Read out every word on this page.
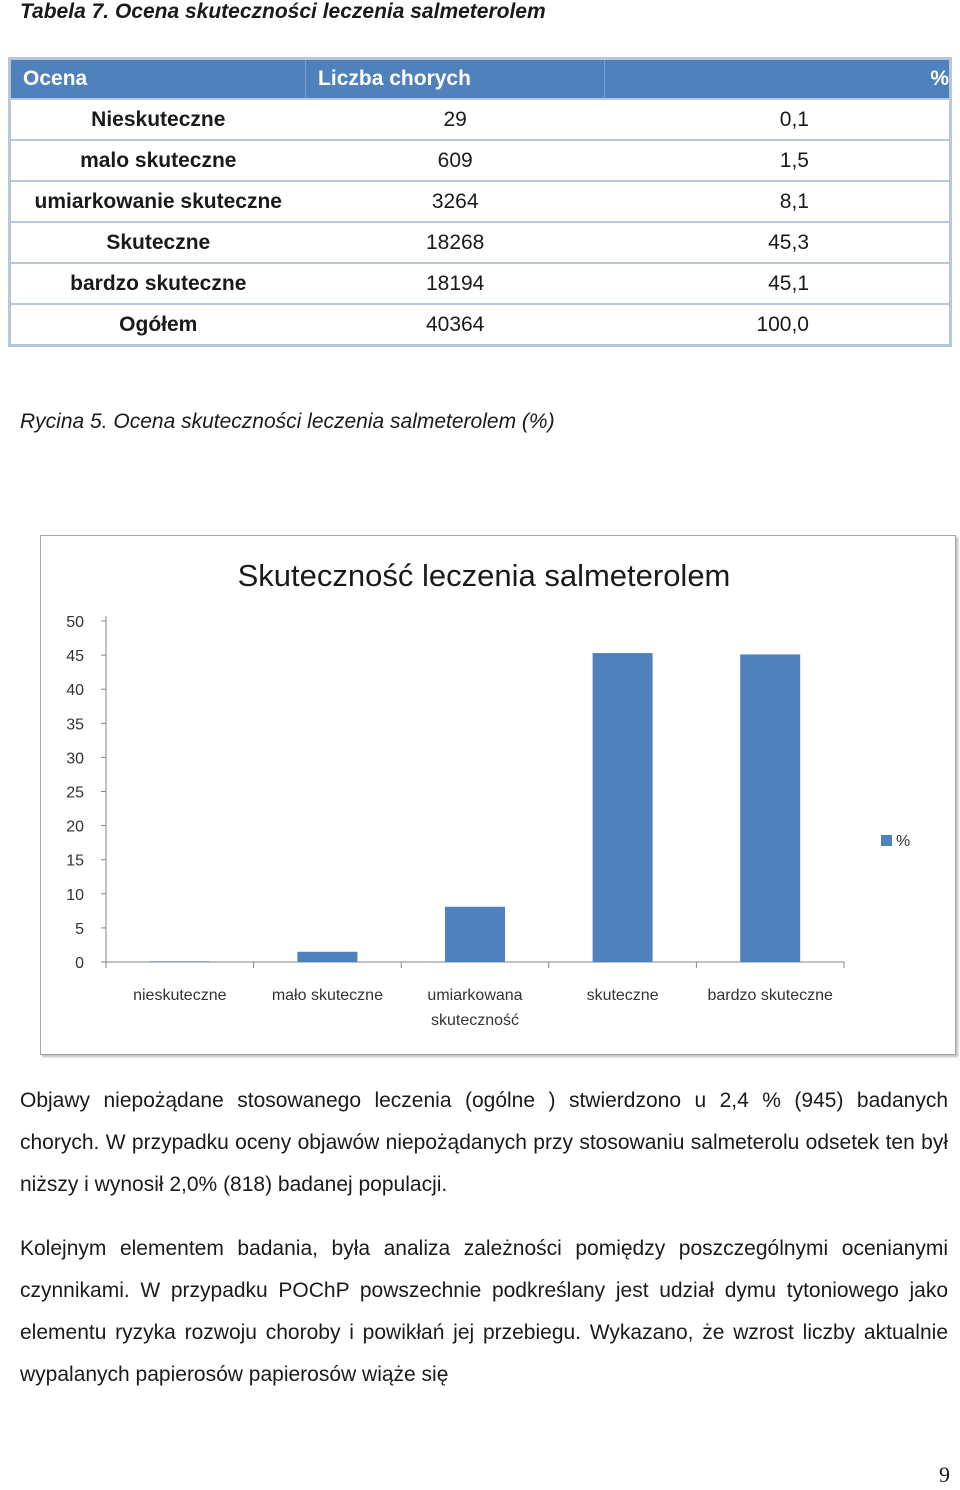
Tabela 7. Ocena skuteczności leczenia salmeterolem
Ocena	Liczba chorych	%
Nieskuteczne	29	0,1
malo skuteczne	609	1,5
umiarkowanie skuteczne	3264	8,1
Skuteczne	18268	45,3
bardzo skuteczne	18194	45,1
Ogółem	40364	100,0
Rycina 5. Ocena skuteczności leczenia salmeterolem (%)
Skuteczność leczenia salmeterolem
0
5
10
15
20
25
30
35
40
45
50
nieskuteczne	mało skuteczne	umiarkowana
skuteczność
skuteczne	bardzo skuteczne
%
Objawy niepożądane stosowanego leczenia (ogólne ) stwierdzono u 2,4 % (945) badanych chorych. W przypadku oceny objawów niepożądanych przy stosowaniu salmeterolu odsetek ten był niższy i wynosił 2,0% (818) badanej populacji.
Kolejnym elementem badania, była analiza zależności pomiędzy poszczególnymi ocenianymi czynnikami. W przypadku POChP powszechnie podkreślany jest udział dymu tytoniowego jako elementu ryzyka rozwoju choroby i powikłań jej przebiegu. Wykazano, że wzrost liczby aktualnie wypalanych papierosów papierosów wiąże się
9
